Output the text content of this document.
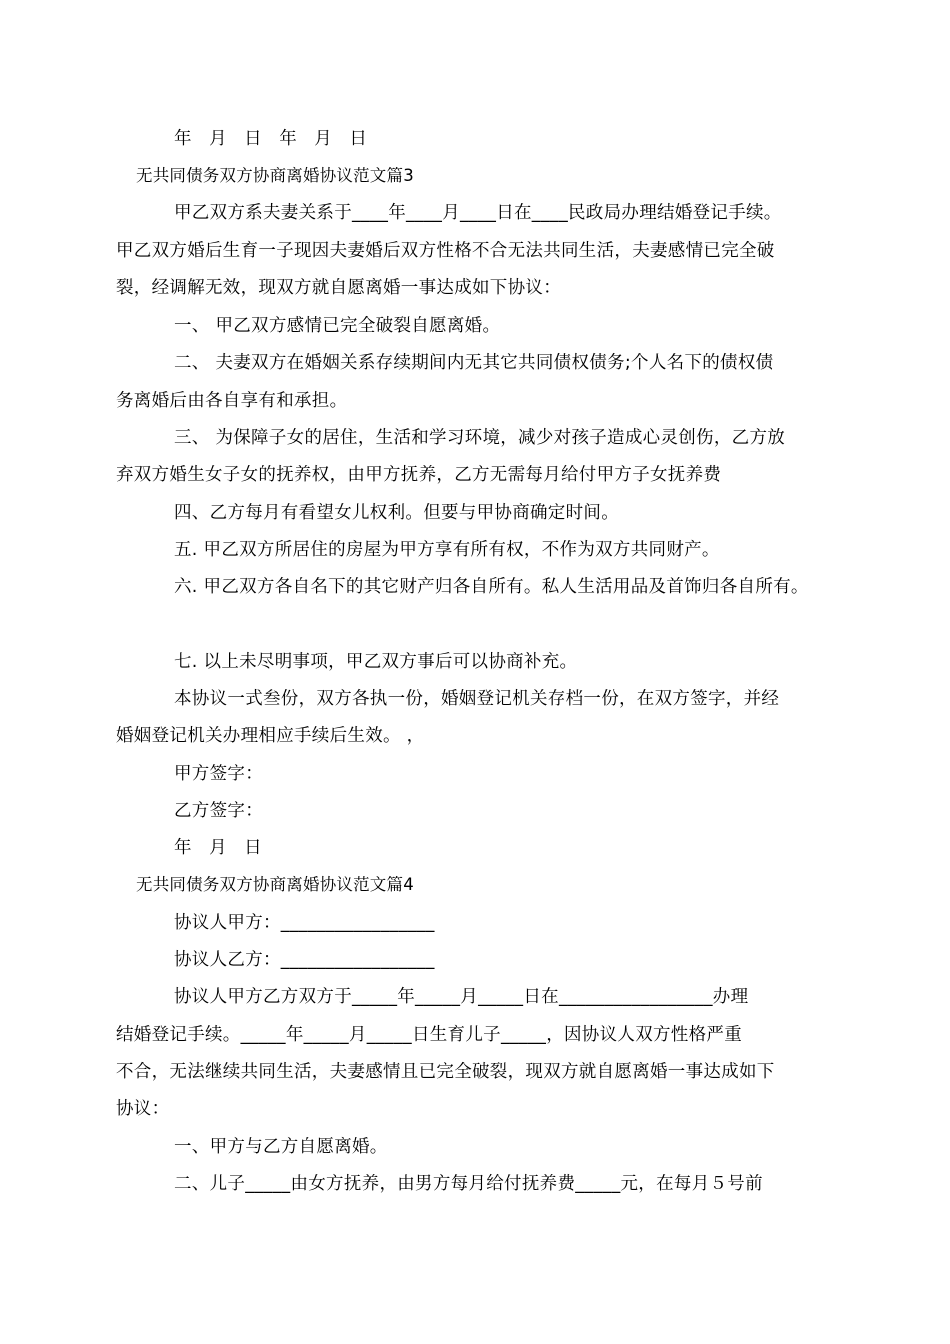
年 月 日 年 月 日
无共同债务双方协商离婚协议范文篇3
甲乙双方系夫妻关系于____年____月____日在____民政局办理结婚登记手续。
甲乙双方婚后生育一子现因夫妻婚后双方性格不合无法共同生活，夫妻感情已完全破
裂，经调解无效，现双方就自愿离婚一事达成如下协议：
一、 甲乙双方感情已完全破裂自愿离婚。
二、 夫妻双方在婚姻关系存续期间内无其它共同债权债务;个人名下的债权债
务离婚后由各自享有和承担。
三、 为保障子女的居住，生活和学习环境，减少对孩子造成心灵创伤，乙方放
弃双方婚生女子女的抚养权，由甲方抚养，乙方无需每月给付甲方子女抚养费
四、乙方每月有看望女儿权利。但要与甲协商确定时间。
五. 甲乙双方所居住的房屋为甲方享有所有权，不作为双方共同财产。
六. 甲乙双方各自名下的其它财产归各自所有。私人生活用品及首饰归各自所有。
七. 以上未尽明事项，甲乙双方事后可以协商补充。
本协议一式叁份，双方各执一份，婚姻登记机关存档一份，在双方签字，并经
婚姻登记机关办理相应手续后生效。 ，
甲方签字：
乙方签字：
年 月 日
无共同债务双方协商离婚协议范文篇4
协议人甲方：_________________
协议人乙方：_________________
协议人甲方乙方双方于_____年_____月_____日在_________________办理
结婚登记手续。_____年_____月_____日生育儿子_____，因协议人双方性格严重
不合，无法继续共同生活，夫妻感情且已完全破裂，现双方就自愿离婚一事达成如下
协议：
一、甲方与乙方自愿离婚。
二、儿子_____由女方抚养，由男方每月给付抚养费_____元，在每月５号前
